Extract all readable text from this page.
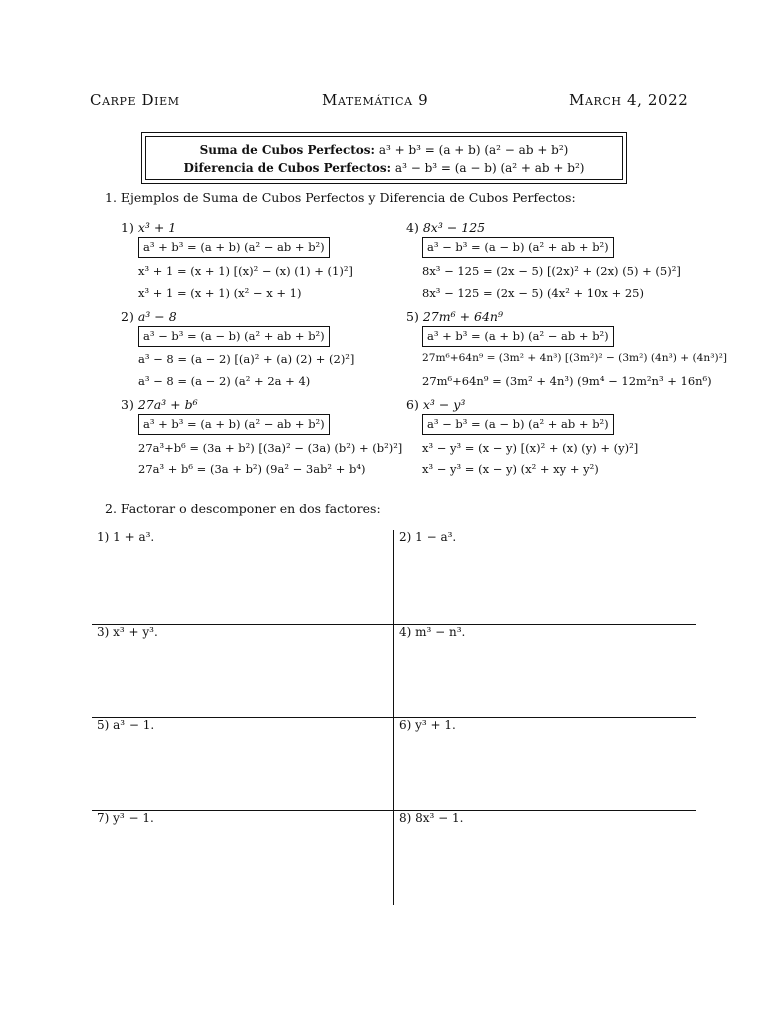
Carpe Diem	Matemática 9	March 4, 2022
Suma de Cubos Perfectos: a³ + b³ = (a + b) (a² − ab + b²)
Diferencia de Cubos Perfectos: a³ − b³ = (a − b) (a² + ab + b²)
1. Ejemplos de Suma de Cubos Perfectos y Diferencia de Cubos Perfectos:
1) x³ + 1
a³ + b³ = (a + b) (a² − ab + b²)
x³ + 1 = (x + 1) [(x)² − (x) (1) + (1)²]
x³ + 1 = (x + 1) (x² − x + 1)
2) a³ − 8
a³ − b³ = (a − b) (a² + ab + b²)
a³ − 8 = (a − 2) [(a)² + (a) (2) + (2)²]
a³ − 8 = (a − 2) (a² + 2a + 4)
3) 27a³ + b⁶
a³ + b³ = (a + b) (a² − ab + b²)
27a³+b⁶ = (3a + b²) [(3a)² − (3a) (b²) + (b²)²]
27a³ + b⁶ = (3a + b²) (9a² − 3ab² + b⁴)
4) 8x³ − 125
a³ − b³ = (a − b) (a² + ab + b²)
8x³ − 125 = (2x − 5) [(2x)² + (2x) (5) + (5)²]
8x³ − 125 = (2x − 5) (4x² + 10x + 25)
5) 27m⁶ + 64n⁹
a³ + b³ = (a + b) (a² − ab + b²)
27m⁶+64n⁹ = (3m² + 4n³) [(3m²)² − (3m²) (4n³) + (4n³)²]
27m⁶+64n⁹ = (3m² + 4n³) (9m⁴ − 12m²n³ + 16n⁶)
6) x³ − y³
a³ − b³ = (a − b) (a² + ab + b²)
x³ − y³ = (x − y) [(x)² + (x) (y) + (y)²]
x³ − y³ = (x − y) (x² + xy + y²)
2. Factorar o descomponer en dos factores:
1) 1 + a³.	2) 1 − a³.
3) x³ + y³.	4) m³ − n³.
5) a³ − 1.	6) y³ + 1.
7) y³ − 1.	8) 8x³ − 1.
